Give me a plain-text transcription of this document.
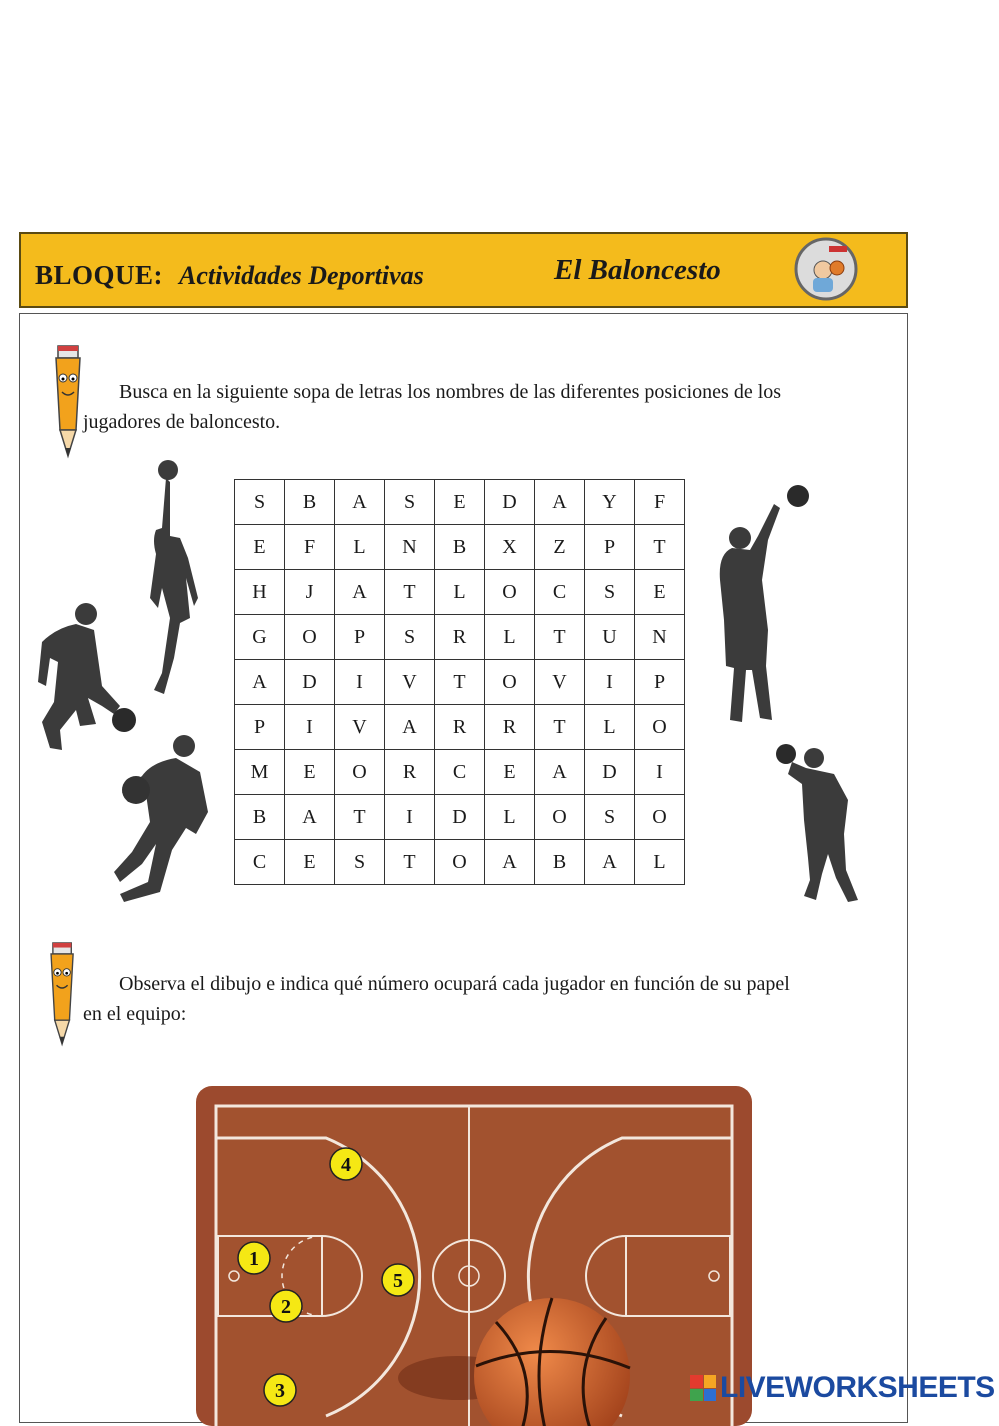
BLOQUE: Actividades Deportivas	El Baloncesto
Busca en la siguiente sopa de letras los nombres de las diferentes posiciones de los
jugadores de baloncesto.
S	B	A	S	E	D	A	Y	F
E	F	L	N	B	X	Z	P	T
H	J	A	T	L	O	C	S	E
G	O	P	S	R	L	T	U	N
A	D	I	V	T	O	V	I	P
P	I	V	A	R	R	T	L	O
M	E	O	R	C	E	A	D	I
B	A	T	I	D	L	O	S	O
C	E	S	T	O	A	B	A	L
Observa el dibujo e indica qué número ocupará cada jugador en función de su papel
en el equipo:
4
1
5
2
3	LIVEWORKSHEETS
